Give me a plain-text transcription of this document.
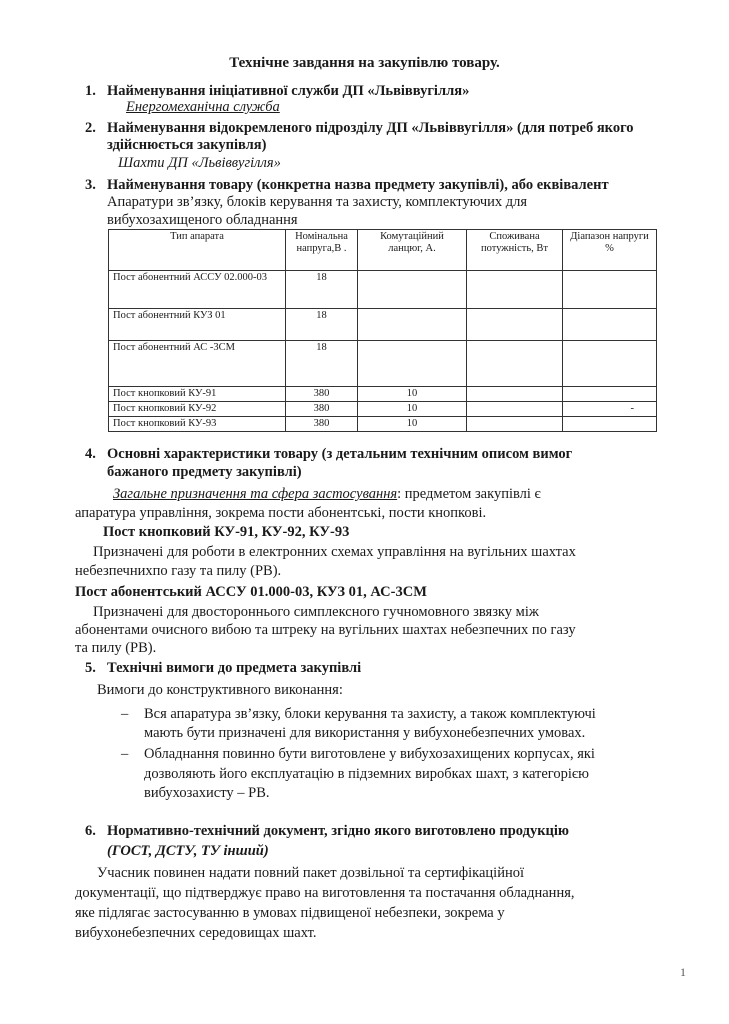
Технічне завдання на закупівлю товару.
1. Найменування ініціативної служби ДП «Львіввугілля»
Енергомеханічна служба
2. Найменування відокремленого підрозділу ДП «Львіввугілля» (для потреб якого
здійснюється закупівля)
Шахти ДП «Львіввугілля»
3. Найменування товару (конкретна назва предмету закупівлі), або еквівалент
Апаратури зв’язку, блоків керування та захисту, комплектуючих для
вибухозахищеного обладнання
Тип апарата	Номінальна напруга,В .	Комутаційний ланцюг, А.	Споживана потужність, Вт	Діапазон напруги %
Пост абонентний АССУ 02.000-03	18			
Пост абонентний КУЗ 01	18			
Пост абонентний АС -3СМ	18			
Пост кнопковий КУ-91	380	10		
Пост кнопковий КУ-92	380	10		-
Пост кнопковий КУ-93	380	10		
4. Основні характеристики товару (з детальним технічним описом вимог
бажаного предмету закупівлі)
Загальне призначення та сфера застосування: предметом закупівлі є
апаратура управління, зокрема пости абонентські, пости кнопкові.
Пост кнопковий КУ-91, КУ-92, КУ-93
Призначені для роботи в електронних схемах управління на вугільних шахтах
небезпечнихпо газу та пилу (РВ).
Пост абонентський АССУ 01.000-03, КУЗ 01, АС-3СМ
Призначені для двостороннього симплексного гучномовного звязку між
абонентами очисного вибою та штреку на вугільних шахтах небезпечних по газу
та пилу (РВ).
5. Технічні вимоги до предмета закупівлі
Вимоги до конструктивного виконання:
– Вся апаратура зв’язку, блоки керування та захисту, а також комплектуючі
мають бути призначені для використання у вибухонебезпечних умовах.
– Обладнання повинно бути виготовлене у вибухозахищених корпусах, які
дозволяють його експлуатацію в підземних виробках шахт, з категорією
вибухозахисту – РВ.
6. Нормативно-технічний документ, згідно якого виготовлено продукцію
(ГОСТ, ДСТУ, ТУ інший)
Учасник повинен надати повний пакет дозвільної та сертифікаційної
документації, що підтверджує право на виготовлення та постачання обладнання,
яке підлягає застосуванню в умовах підвищеної небезпеки, зокрема у
вибухонебезпечних середовищах шахт.
1
